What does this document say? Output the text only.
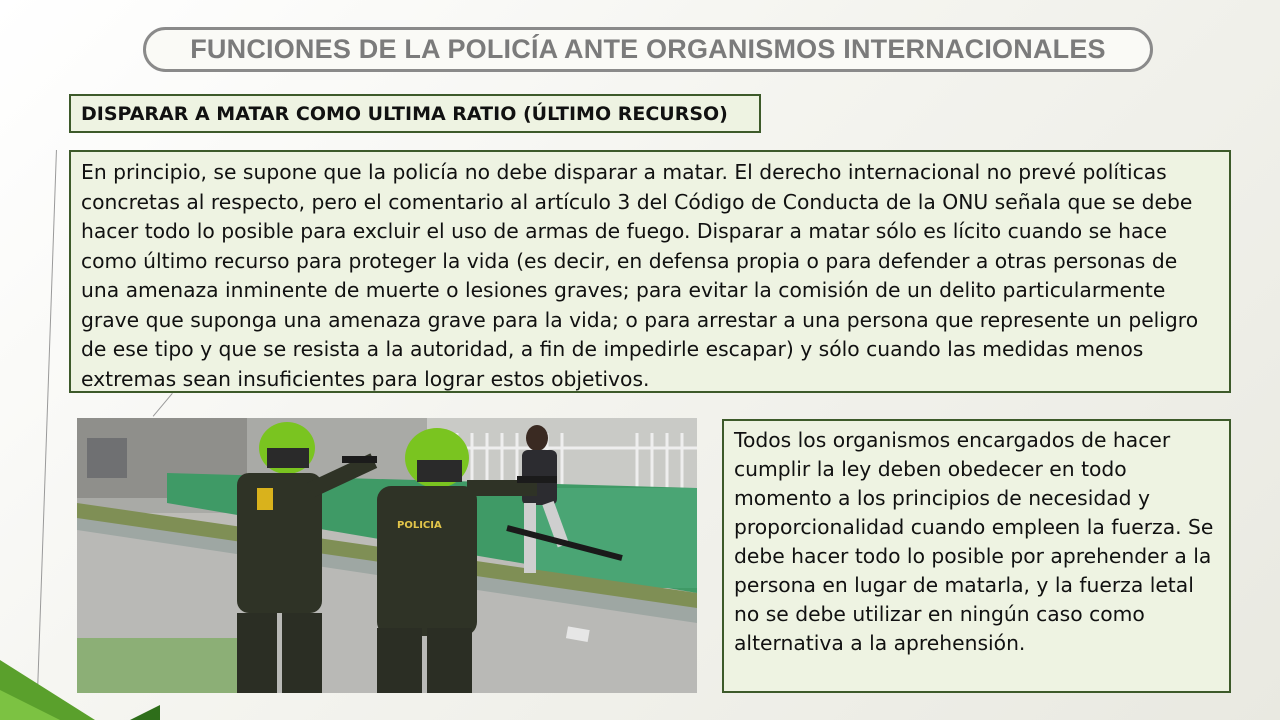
FUNCIONES DE LA POLICÍA ANTE ORGANISMOS INTERNACIONALES
DISPARAR A MATAR COMO ULTIMA RATIO (ÚLTIMO RECURSO)
En principio, se supone que la policía no debe disparar a matar. El derecho internacional no prevé políticas concretas al respecto, pero el comentario al artículo 3 del Código de Conducta de la ONU señala que se debe hacer todo lo posible para excluir el uso de armas de fuego. Disparar a matar sólo es lícito cuando se hace como último recurso para proteger la vida (es decir, en defensa propia o para defender a otras personas de una amenaza inminente de muerte o lesiones graves; para evitar la comisión de un delito particularmente grave que suponga una amenaza grave para la vida; o para arrestar a una persona que represente un peligro de ese tipo y que se resista a la autoridad, a fin de impedirle escapar) y sólo cuando las medidas menos extremas sean insuficientes para lograr estos objetivos.
POLICIA
Todos los organismos encargados de hacer cumplir la ley deben obedecer en todo momento a los principios de necesidad y proporcionalidad cuando empleen la fuerza. Se debe hacer todo lo posible por aprehender a la persona en lugar de matarla, y la fuerza letal no se debe utilizar en ningún caso como alternativa a la aprehensión.
